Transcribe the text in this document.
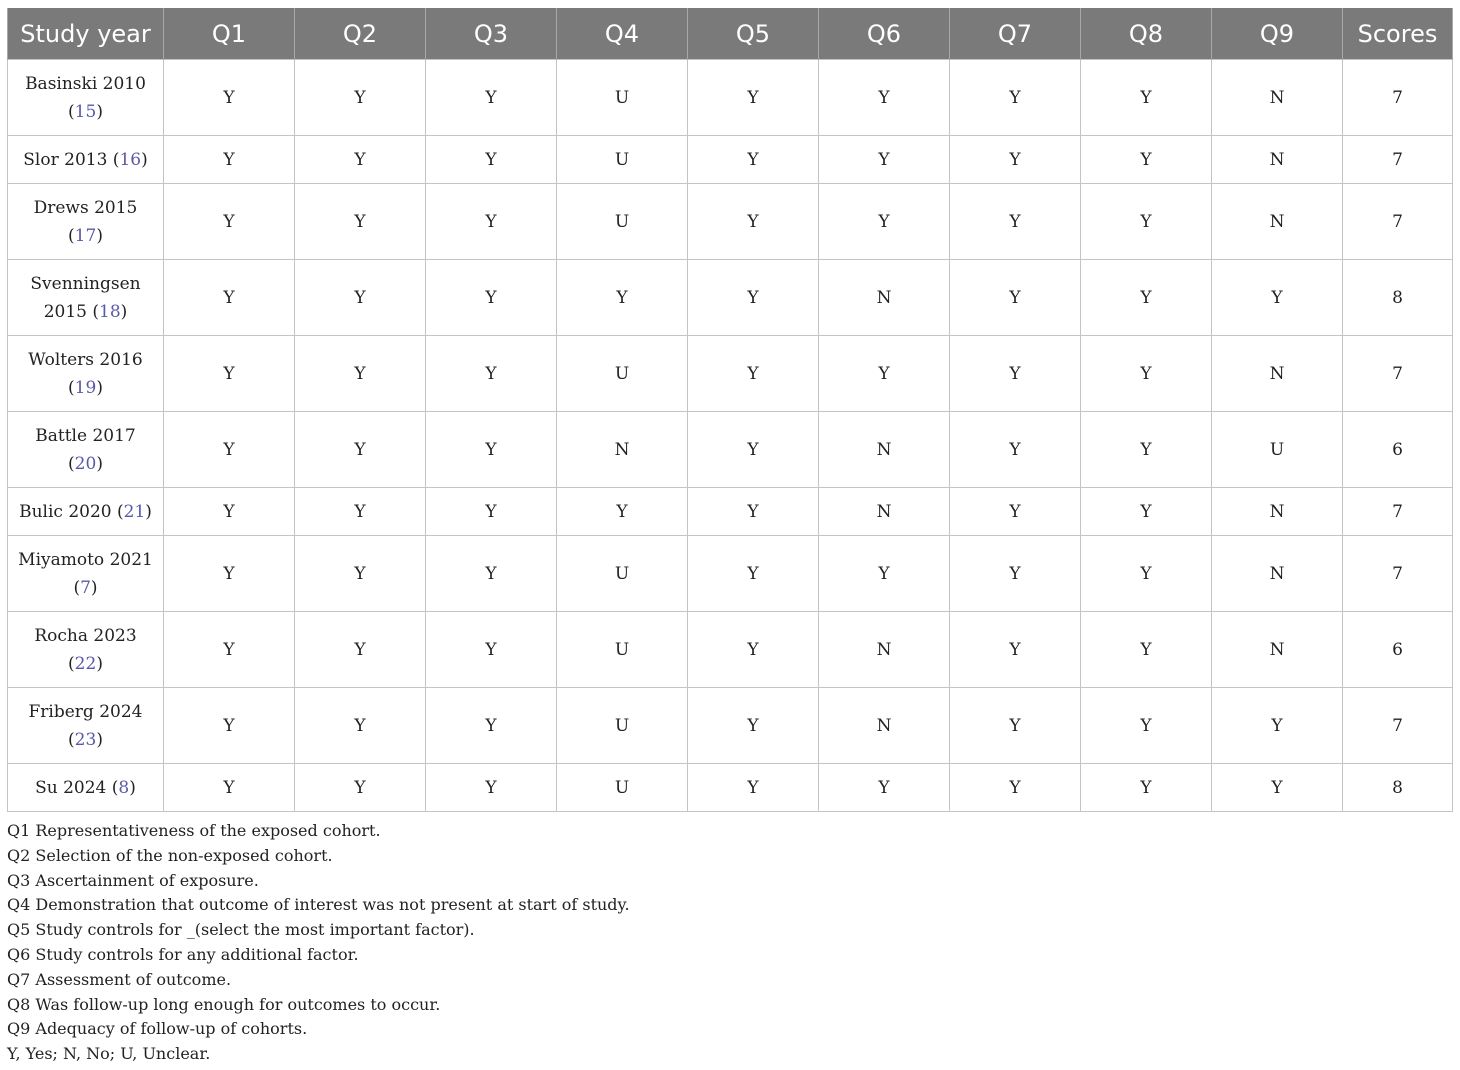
Study year	Q1	Q2	Q3	Q4	Q5	Q6	Q7	Q8	Q9	Scores
Basinski 2010 (15)	Y	Y	Y	U	Y	Y	Y	Y	N	7
Slor 2013 (16)	Y	Y	Y	U	Y	Y	Y	Y	N	7
Drews 2015 (17)	Y	Y	Y	U	Y	Y	Y	Y	N	7
Svenningsen 2015 (18)	Y	Y	Y	Y	Y	N	Y	Y	Y	8
Wolters 2016 (19)	Y	Y	Y	U	Y	Y	Y	Y	N	7
Battle 2017 (20)	Y	Y	Y	N	Y	N	Y	Y	U	6
Bulic 2020 (21)	Y	Y	Y	Y	Y	N	Y	Y	N	7
Miyamoto 2021 (7)	Y	Y	Y	U	Y	Y	Y	Y	N	7
Rocha 2023 (22)	Y	Y	Y	U	Y	N	Y	Y	N	6
Friberg 2024 (23)	Y	Y	Y	U	Y	N	Y	Y	Y	7
Su 2024 (8)	Y	Y	Y	U	Y	Y	Y	Y	Y	8
Q1 Representativeness of the exposed cohort.
Q2 Selection of the non-exposed cohort.
Q3 Ascertainment of exposure.
Q4 Demonstration that outcome of interest was not present at start of study.
Q5 Study controls for _(select the most important factor).
Q6 Study controls for any additional factor.
Q7 Assessment of outcome.
Q8 Was follow-up long enough for outcomes to occur.
Q9 Adequacy of follow-up of cohorts.
Y, Yes; N, No; U, Unclear.
